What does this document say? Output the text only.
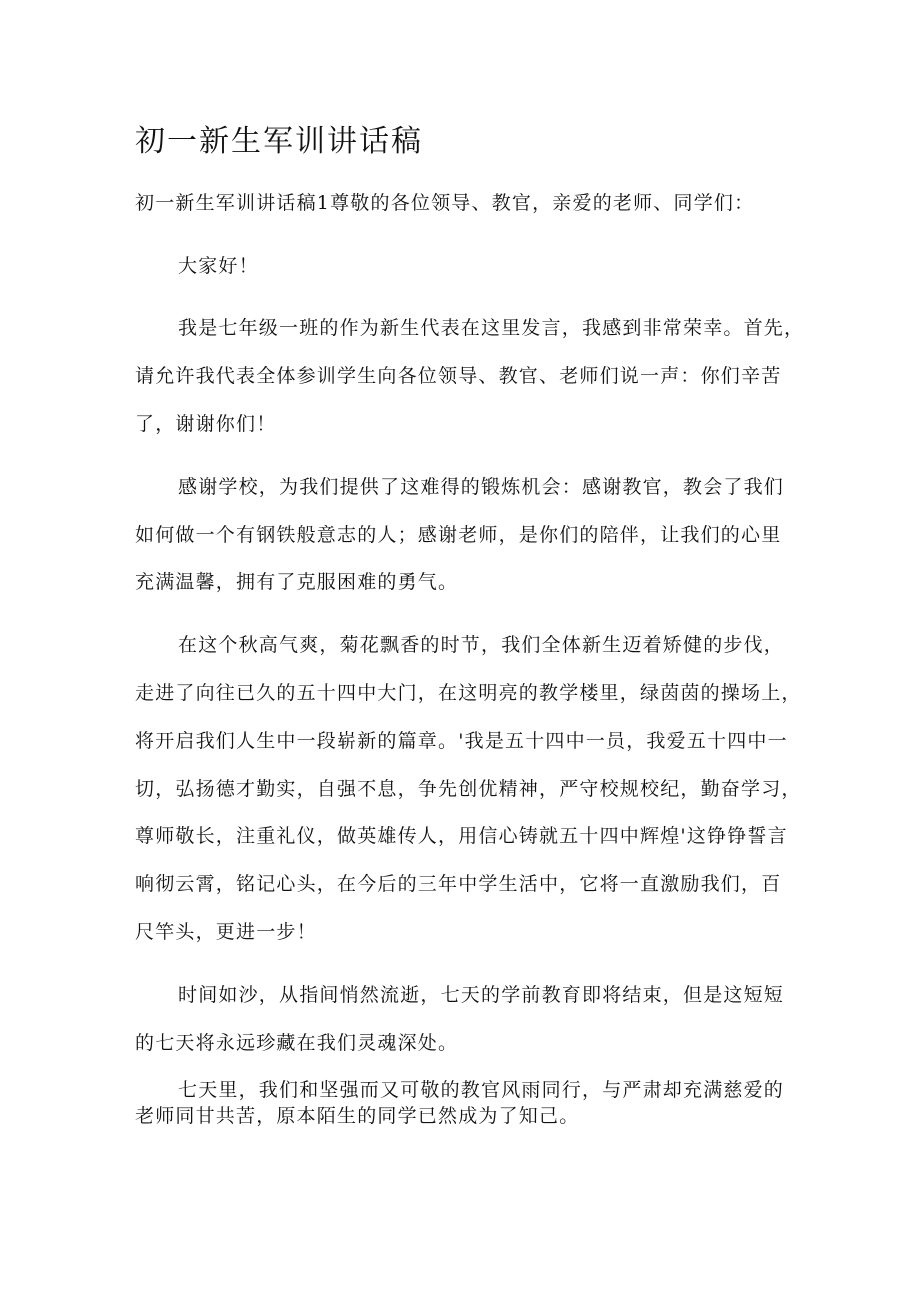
初一新生军训讲话稿

初一新生军训讲话稿1尊敬的各位领导、教官，亲爱的老师、同学们：

大家好！

我是七年级一班的作为新生代表在这里发言，我感到非常荣幸。首先，

请允许我代表全体参训学生向各位领导、教官、老师们说一声：你们辛苦

了，谢谢你们！

感谢学校，为我们提供了这难得的锻炼机会：感谢教官，教会了我们

如何做一个有钢铁般意志的人；感谢老师，是你们的陪伴，让我们的心里

充满温馨，拥有了克服困难的勇气。

在这个秋高气爽，菊花飘香的时节，我们全体新生迈着矫健的步伐，

走进了向往已久的五十四中大门，在这明亮的教学楼里，绿茵茵的操场上，

将开启我们人生中一段崭新的篇章。'我是五十四中一员，我爱五十四中一

切，弘扬德才勤实，自强不息，争先创优精神，严守校规校纪，勤奋学习，

尊师敬长，注重礼仪，做英雄传人，用信心铸就五十四中辉煌'这铮铮誓言

响彻云霄，铭记心头，在今后的三年中学生活中，它将一直激励我们，百

尺竿头，更进一步！

时间如沙，从指间悄然流逝，七天的学前教育即将结束，但是这短短

的七天将永远珍藏在我们灵魂深处。

七天里，我们和坚强而又可敬的教官风雨同行，与严肃却充满慈爱的

老师同甘共苦，原本陌生的同学已然成为了知己。
